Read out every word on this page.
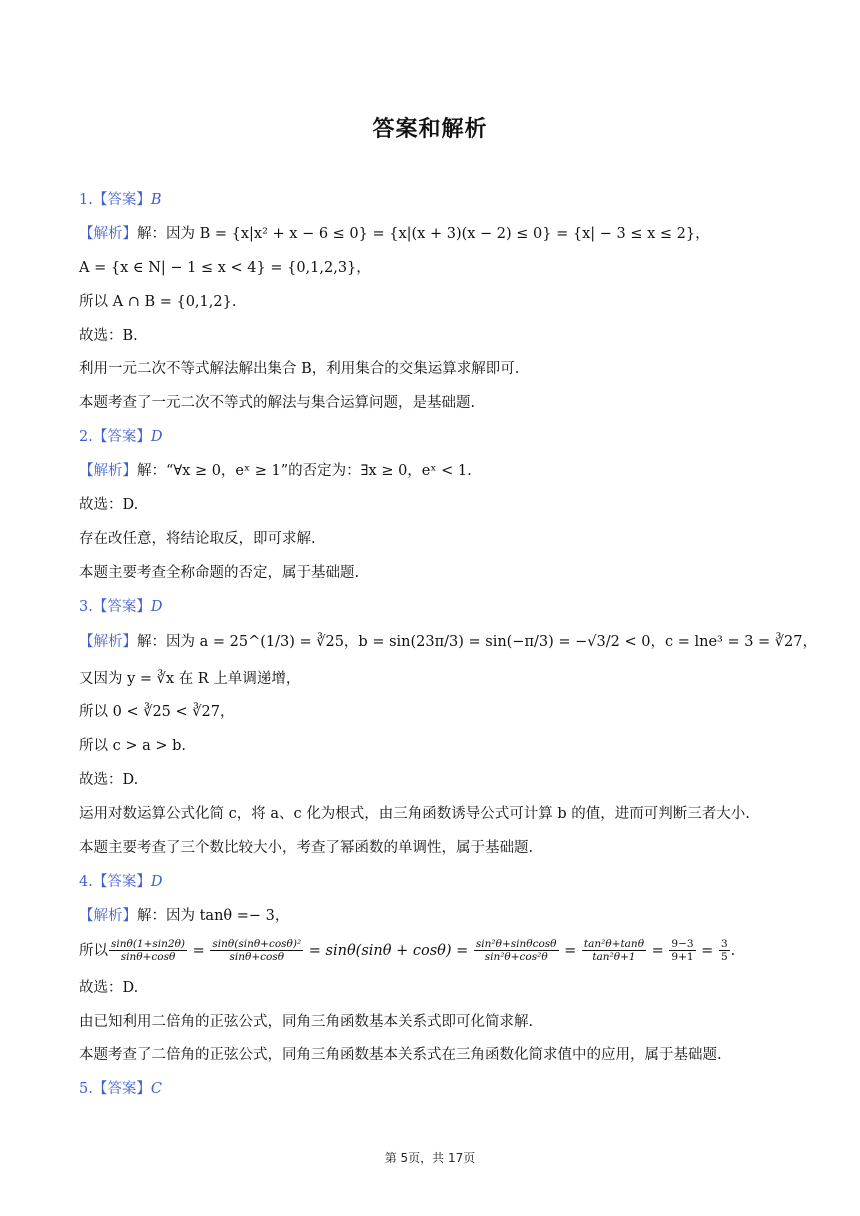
答案和解析
1.【答案】B
【解析】解：因为 B = {x|x² + x − 6 ≤ 0} = {x|(x + 3)(x − 2) ≤ 0} = {x| − 3 ≤ x ≤ 2}，
A = {x ∈ N| − 1 ≤ x < 4} = {0,1,2,3}，
所以 A ∩ B = {0,1,2}.
故选：B.
利用一元二次不等式解法解出集合 B，利用集合的交集运算求解即可.
本题考查了一元二次不等式的解法与集合运算问题，是基础题.
2.【答案】D
【解析】解：“∀x ≥ 0，eˣ ≥ 1”的否定为：∃x ≥ 0，eˣ < 1.
故选：D.
存在改任意，将结论取反，即可求解.
本题主要考查全称命题的否定，属于基础题.
3.【答案】D
【解析】解：因为 a = 25^(1/3) = ∛25，b = sin(23π/3) = sin(−π/3) = −√3/2 < 0，c = lne³ = 3 = ∛27，
又因为 y = ∛x 在 R 上单调递增，
所以 0 < ∛25 < ∛27，
所以 c > a > b.
故选：D.
运用对数运算公式化简 c，将 a、c 化为根式，由三角函数诱导公式可计算 b 的值，进而可判断三者大小.
本题主要考查了三个数比较大小，考查了幂函数的单调性，属于基础题.
4.【答案】D
【解析】解：因为 tanθ =− 3，
所以 $\frac{\sin\theta(1+\sin 2\theta)}{\sin\theta+\cos\theta} = \frac{\text{sinθ(sinθ+cosθ)²}}{\sin\theta+\cos\theta} = \sin\theta(\sin\theta + \cos\theta) = \frac{\text{sin²θ+sinθcosθ}}{\text{sin²θ+cos²θ}} = \frac{\text{tan²θ+tanθ}}{\text{tan²θ+1}} = \frac{9-3}{9+1} = \frac{3}{5}$ .
故选：D.
由已知利用二倍角的正弦公式，同角三角函数基本关系式即可化简求解.
本题考查了二倍角的正弦公式，同角三角函数基本关系式在三角函数化简求值中的应用，属于基础题.
5.【答案】C
第 5页，共 17页
